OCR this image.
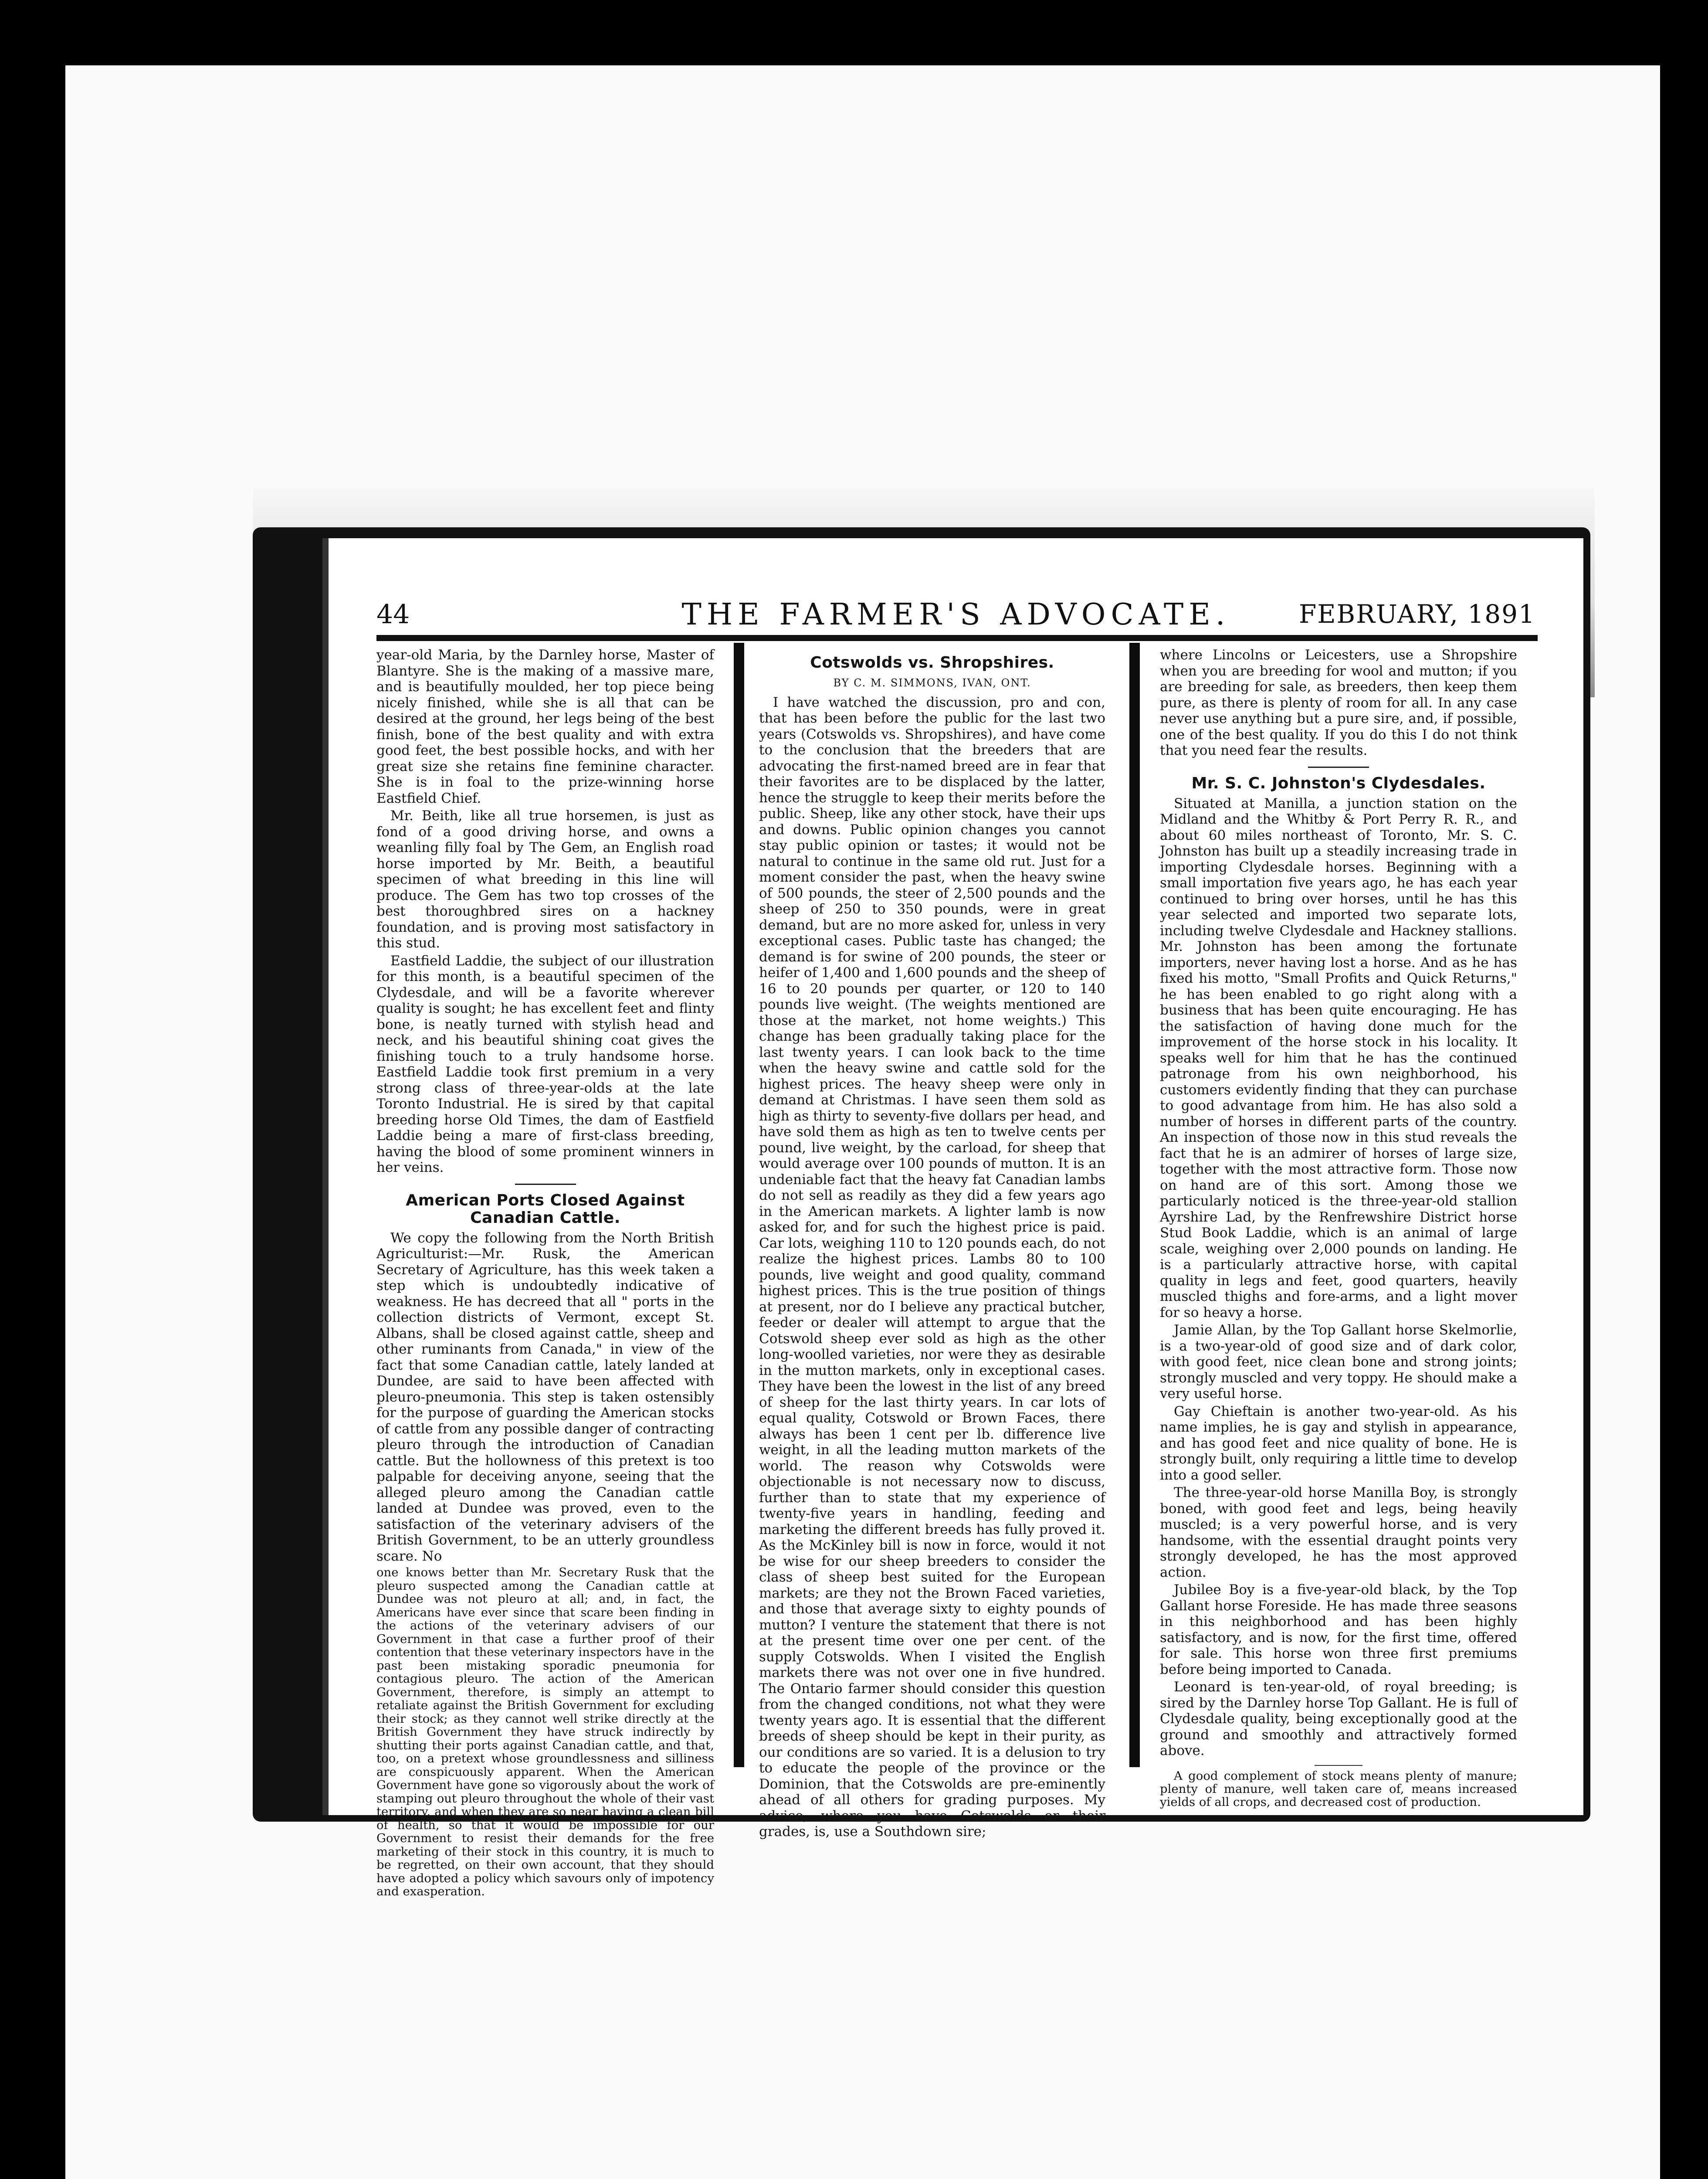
44	THE FARMER'S ADVOCATE.	FEBRUARY, 1891

year-old Maria, by the Darnley horse, Master of Blantyre. She is the making of a massive mare, and is beautifully moulded, her top piece being nicely finished, while she is all that can be desired at the ground, her legs being of the best finish, bone of the best quality and with extra good feet, the best possible hocks, and with her great size she retains fine feminine character. She is in foal to the prize-winning horse Eastfield Chief.

Mr. Beith, like all true horsemen, is just as fond of a good driving horse, and owns a weanling filly foal by The Gem, an English road horse imported by Mr. Beith, a beautiful specimen of what breeding in this line will produce. The Gem has two top crosses of the best thoroughbred sires on a hackney foundation, and is proving most satisfactory in this stud.

Eastfield Laddie, the subject of our illustration for this month, is a beautiful specimen of the Clydesdale, and will be a favorite wherever quality is sought; he has excellent feet and flinty bone, is neatly turned with stylish head and neck, and his beautiful shining coat gives the finishing touch to a truly handsome horse. Eastfield Laddie took first premium in a very strong class of three-year-olds at the late Toronto Industrial. He is sired by that capital breeding horse Old Times, the dam of Eastfield Laddie being a mare of first-class breeding, having the blood of some prominent winners in her veins.

American Ports Closed Against Canadian Cattle.

We copy the following from the North British Agriculturist:—Mr. Rusk, the American Secretary of Agriculture, has this week taken a step which is undoubtedly indicative of weakness. He has decreed that all " ports in the collection districts of Vermont, except St. Albans, shall be closed against cattle, sheep and other ruminants from Canada," in view of the fact that some Canadian cattle, lately landed at Dundee, are said to have been affected with pleuro-pneumonia. This step is taken ostensibly for the purpose of guarding the American stocks of cattle from any possible danger of contracting pleuro through the introduction of Canadian cattle. But the hollowness of this pretext is too palpable for deceiving anyone, seeing that the alleged pleuro among the Canadian cattle landed at Dundee was proved, even to the satisfaction of the veterinary advisers of the British Government, to be an utterly groundless scare. No

one knows better than Mr. Secretary Rusk that the pleuro suspected among the Canadian cattle at Dundee was not pleuro at all; and, in fact, the Americans have ever since that scare been finding in the actions of the veterinary advisers of our Government in that case a further proof of their contention that these veterinary inspectors have in the past been mistaking sporadic pneumonia for contagious pleuro. The action of the American Government, therefore, is simply an attempt to retaliate against the British Government for excluding their stock; as they cannot well strike directly at the British Government they have struck indirectly by shutting their ports against Canadian cattle, and that, too, on a pretext whose groundlessness and silliness are conspicuously apparent. When the American Government have gone so vigorously about the work of stamping out pleuro throughout the whole of their vast territory, and when they are so near having a clean bill of health, so that it would be impossible for our Government to resist their demands for the free marketing of their stock in this country, it is much to be regretted, on their own account, that they should have adopted a policy which savours only of impotency and exasperation.

Cotswolds vs. Shropshires.
BY C. M. SIMMONS, IVAN, ONT.

I have watched the discussion, pro and con, that has been before the public for the last two years (Cotswolds vs. Shropshires), and have come to the conclusion that the breeders that are advocating the first-named breed are in fear that their favorites are to be displaced by the latter, hence the struggle to keep their merits before the public. Sheep, like any other stock, have their ups and downs. Public opinion changes you cannot stay public opinion or tastes; it would not be natural to continue in the same old rut. Just for a moment consider the past, when the heavy swine of 500 pounds, the steer of 2,500 pounds and the sheep of 250 to 350 pounds, were in great demand, but are no more asked for, unless in very exceptional cases. Public taste has changed; the demand is for swine of 200 pounds, the steer or heifer of 1,400 and 1,600 pounds and the sheep of 16 to 20 pounds per quarter, or 120 to 140 pounds live weight. (The weights mentioned are those at the market, not home weights.) This change has been gradually taking place for the last twenty years. I can look back to the time when the heavy swine and cattle sold for the highest prices. The heavy sheep were only in demand at Christmas. I have seen them sold as high as thirty to seventy-five dollars per head, and have sold them as high as ten to twelve cents per pound, live weight, by the carload, for sheep that would average over 100 pounds of mutton. It is an undeniable fact that the heavy fat Canadian lambs do not sell as readily as they did a few years ago in the American markets. A lighter lamb is now asked for, and for such the highest price is paid. Car lots, weighing 110 to 120 pounds each, do not realize the highest prices. Lambs 80 to 100 pounds, live weight and good quality, command highest prices. This is the true position of things at present, nor do I believe any practical butcher, feeder or dealer will attempt to argue that the Cotswold sheep ever sold as high as the other long-woolled varieties, nor were they as desirable in the mutton markets, only in exceptional cases. They have been the lowest in the list of any breed of sheep for the last thirty years. In car lots of equal quality, Cotswold or Brown Faces, there always has been 1 cent per lb. difference live weight, in all the leading mutton markets of the world. The reason why Cotswolds were objectionable is not necessary now to discuss, further than to state that my experience of twenty-five years in handling, feeding and marketing the different breeds has fully proved it. As the McKinley bill is now in force, would it not be wise for our sheep breeders to consider the class of sheep best suited for the European markets; are they not the Brown Faced varieties, and those that average sixty to eighty pounds of mutton? I venture the statement that there is not at the present time over one per cent. of the supply Cotswolds. When I visited the English markets there was not over one in five hundred. The Ontario farmer should consider this question from the changed conditions, not what they were twenty years ago. It is essential that the different breeds of sheep should be kept in their purity, as our conditions are so varied. It is a delusion to try to educate the people of the province or the Dominion, that the Cotswolds are pre-eminently ahead of all others for grading purposes. My advice, where you have Cotswolds or their grades, is, use a Southdown sire;

where Lincolns or Leicesters, use a Shropshire when you are breeding for wool and mutton; if you are breeding for sale, as breeders, then keep them pure, as there is plenty of room for all. In any case never use anything but a pure sire, and, if possible, one of the best quality. If you do this I do not think that you need fear the results.

Mr. S. C. Johnston's Clydesdales.

Situated at Manilla, a junction station on the Midland and the Whitby & Port Perry R. R., and about 60 miles northeast of Toronto, Mr. S. C. Johnston has built up a steadily increasing trade in importing Clydesdale horses. Beginning with a small importation five years ago, he has each year continued to bring over horses, until he has this year selected and imported two separate lots, including twelve Clydesdale and Hackney stallions. Mr. Johnston has been among the fortunate importers, never having lost a horse. And as he has fixed his motto, "Small Profits and Quick Returns," he has been enabled to go right along with a business that has been quite encouraging. He has the satisfaction of having done much for the improvement of the horse stock in his locality. It speaks well for him that he has the continued patronage from his own neighborhood, his customers evidently finding that they can purchase to good advantage from him. He has also sold a number of horses in different parts of the country. An inspection of those now in this stud reveals the fact that he is an admirer of horses of large size, together with the most attractive form. Those now on hand are of this sort. Among those we particularly noticed is the three-year-old stallion Ayrshire Lad, by the Renfrewshire District horse Stud Book Laddie, which is an animal of large scale, weighing over 2,000 pounds on landing. He is a particularly attractive horse, with capital quality in legs and feet, good quarters, heavily muscled thighs and fore-arms, and a light mover for so heavy a horse.

Jamie Allan, by the Top Gallant horse Skelmorlie, is a two-year-old of good size and of dark color, with good feet, nice clean bone and strong joints; strongly muscled and very toppy. He should make a very useful horse.

Gay Chieftain is another two-year-old. As his name implies, he is gay and stylish in appearance, and has good feet and nice quality of bone. He is strongly built, only requiring a little time to develop into a good seller.

The three-year-old horse Manilla Boy, is strongly boned, with good feet and legs, being heavily muscled; is a very powerful horse, and is very handsome, with the essential draught points very strongly developed, he has the most approved action.

Jubilee Boy is a five-year-old black, by the Top Gallant horse Foreside. He has made three seasons in this neighborhood and has been highly satisfactory, and is now, for the first time, offered for sale. This horse won three first premiums before being imported to Canada.

Leonard is ten-year-old, of royal breeding; is sired by the Darnley horse Top Gallant. He is full of Clydesdale quality, being exceptionally good at the ground and smoothly and attractively formed above.

A good complement of stock means plenty of manure; plenty of manure, well taken care of, means increased yields of all crops, and decreased cost of production.
